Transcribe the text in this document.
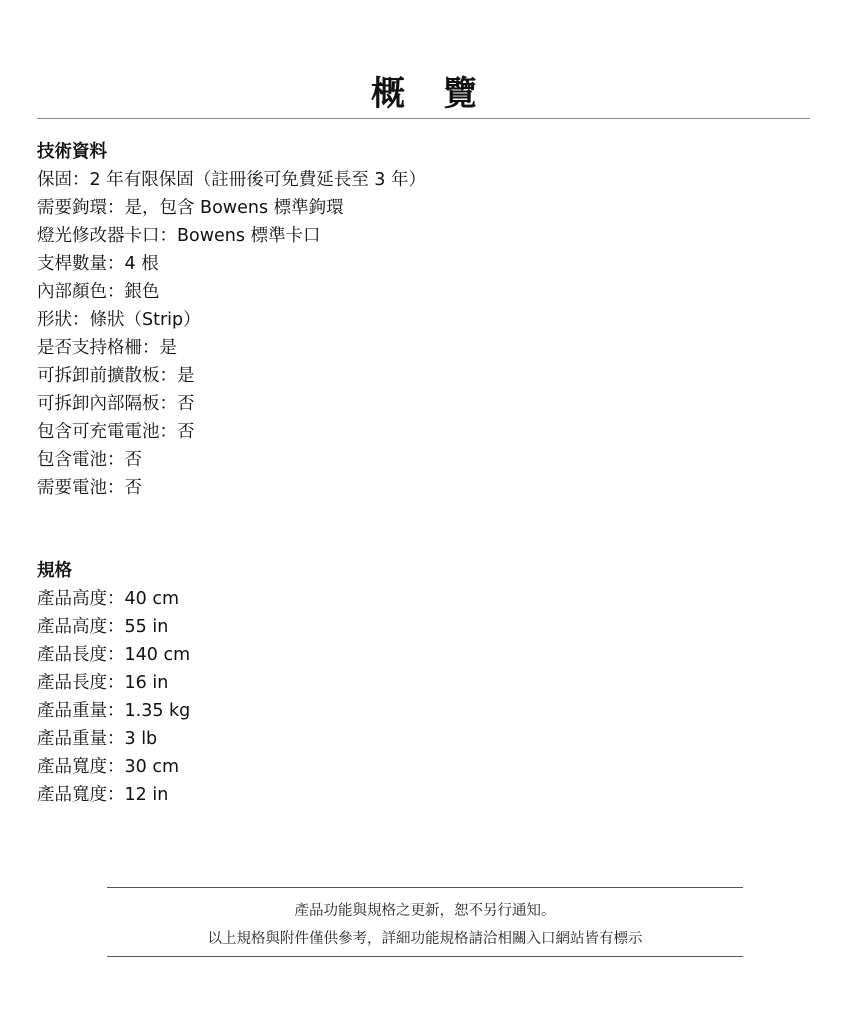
概　覽
技術資料
保固：2 年有限保固（註冊後可免費延長至 3 年）
需要鉤環：是，包含 Bowens 標準鉤環
燈光修改器卡口：Bowens 標準卡口
支桿數量：4 根
內部顏色：銀色
形狀：條狀（Strip）
是否支持格柵：是
可拆卸前擴散板：是
可拆卸內部隔板：否
包含可充電電池：否
包含電池：否
需要電池：否
規格
產品高度：40 cm
產品高度：55 in
產品長度：140 cm
產品長度：16 in
產品重量：1.35 kg
產品重量：3 lb
產品寬度：30 cm
產品寬度：12 in
產品功能與規格之更新，恕不另行通知。
以上規格與附件僅供參考，詳細功能規格請洽相關入口網站皆有標示
